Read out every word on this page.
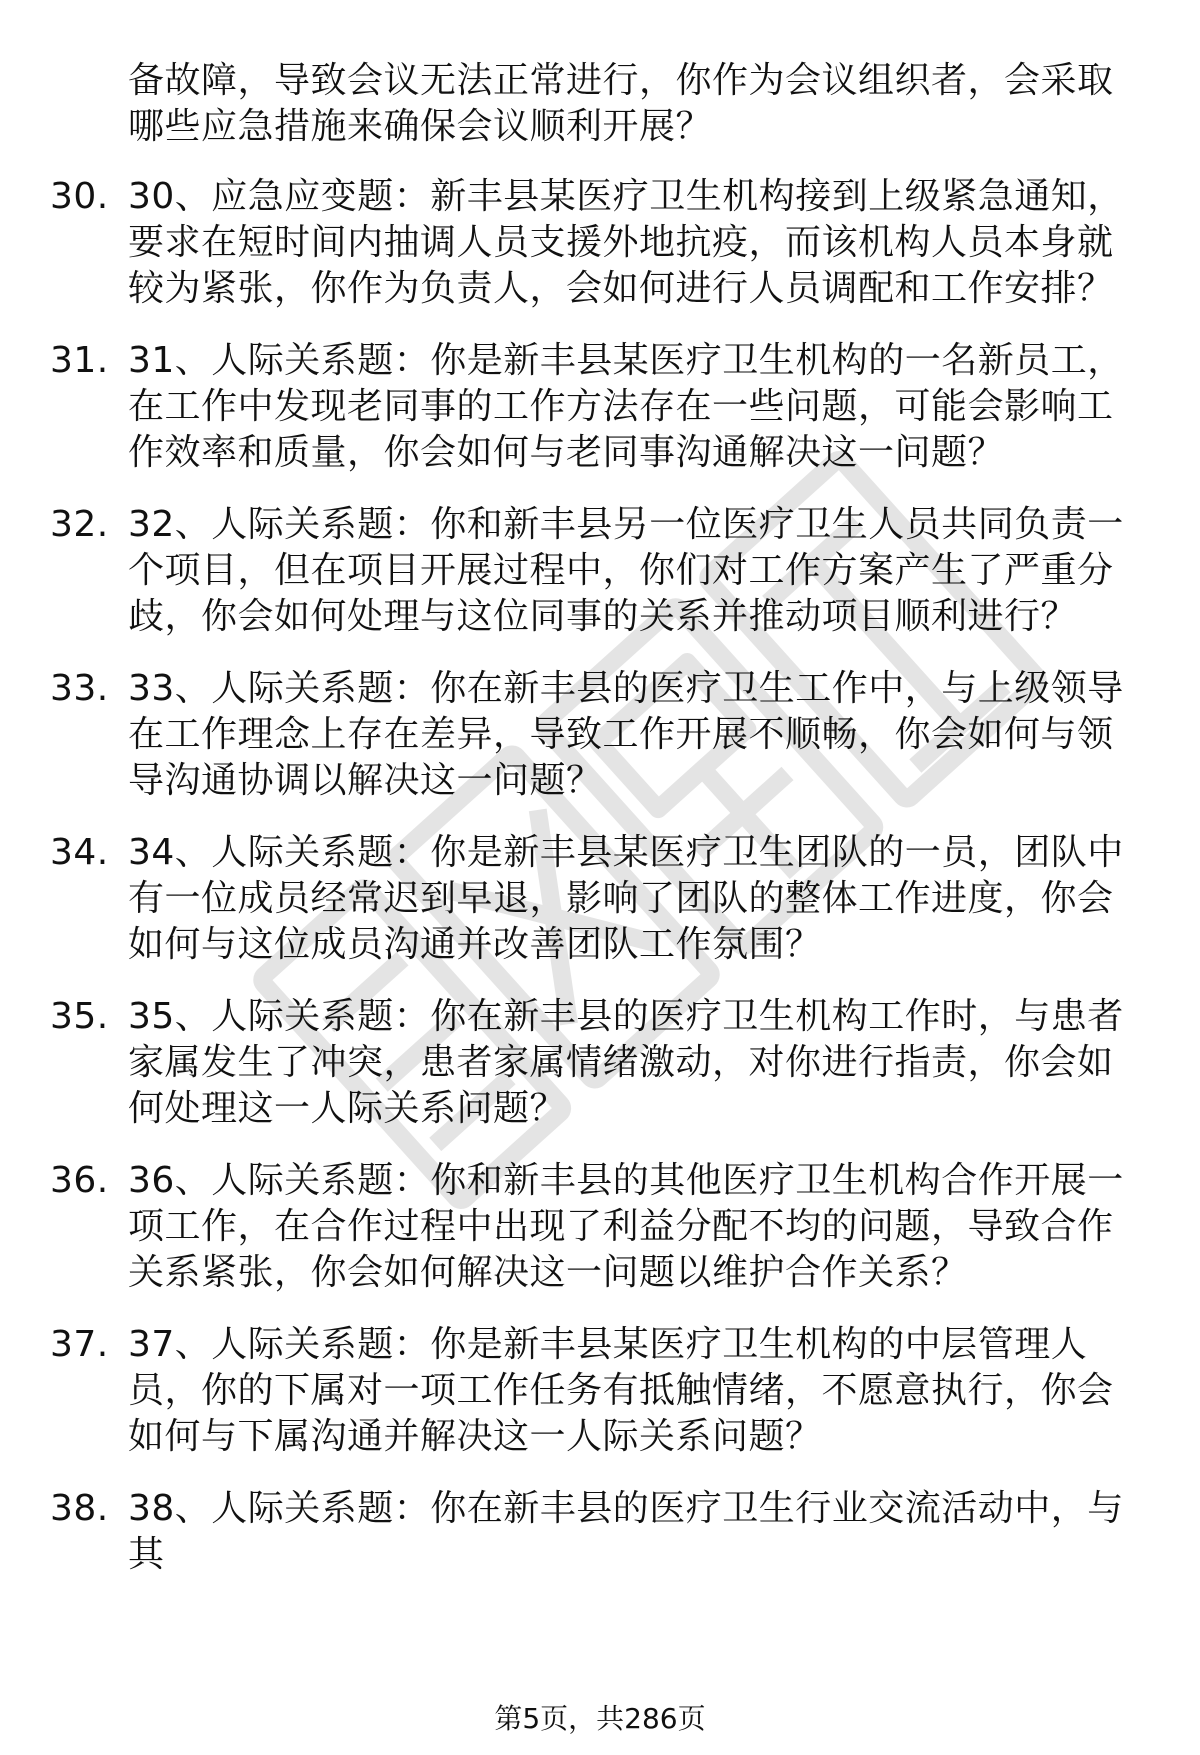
备故障，导致会议无法正常进行，你作为会议组织者，会采取哪些应急措施来确保会议顺利开展？
30. 30、应急应变题：新丰县某医疗卫生机构接到上级紧急通知，要求在短时间内抽调人员支援外地抗疫，而该机构人员本身就较为紧张，你作为负责人，会如何进行人员调配和工作安排？
31. 31、人际关系题：你是新丰县某医疗卫生机构的一名新员工，在工作中发现老同事的工作方法存在一些问题，可能会影响工作效率和质量，你会如何与老同事沟通解决这一问题？
32. 32、人际关系题：你和新丰县另一位医疗卫生人员共同负责一个项目，但在项目开展过程中，你们对工作方案产生了严重分歧，你会如何处理与这位同事的关系并推动项目顺利进行？
33. 33、人际关系题：你在新丰县的医疗卫生工作中，与上级领导在工作理念上存在差异，导致工作开展不顺畅，你会如何与领导沟通协调以解决这一问题？
34. 34、人际关系题：你是新丰县某医疗卫生团队的一员，团队中有一位成员经常迟到早退，影响了团队的整体工作进度，你会如何与这位成员沟通并改善团队工作氛围？
35. 35、人际关系题：你在新丰县的医疗卫生机构工作时，与患者家属发生了冲突，患者家属情绪激动，对你进行指责，你会如何处理这一人际关系问题？
36. 36、人际关系题：你和新丰县的其他医疗卫生机构合作开展一项工作，在合作过程中出现了利益分配不均的问题，导致合作关系紧张，你会如何解决这一问题以维护合作关系？
37. 37、人际关系题：你是新丰县某医疗卫生机构的中层管理人员，你的下属对一项工作任务有抵触情绪，不愿意执行，你会如何与下属沟通并解决这一人际关系问题？
38. 38、人际关系题：你在新丰县的医疗卫生行业交流活动中，与其
第5页，共286页
